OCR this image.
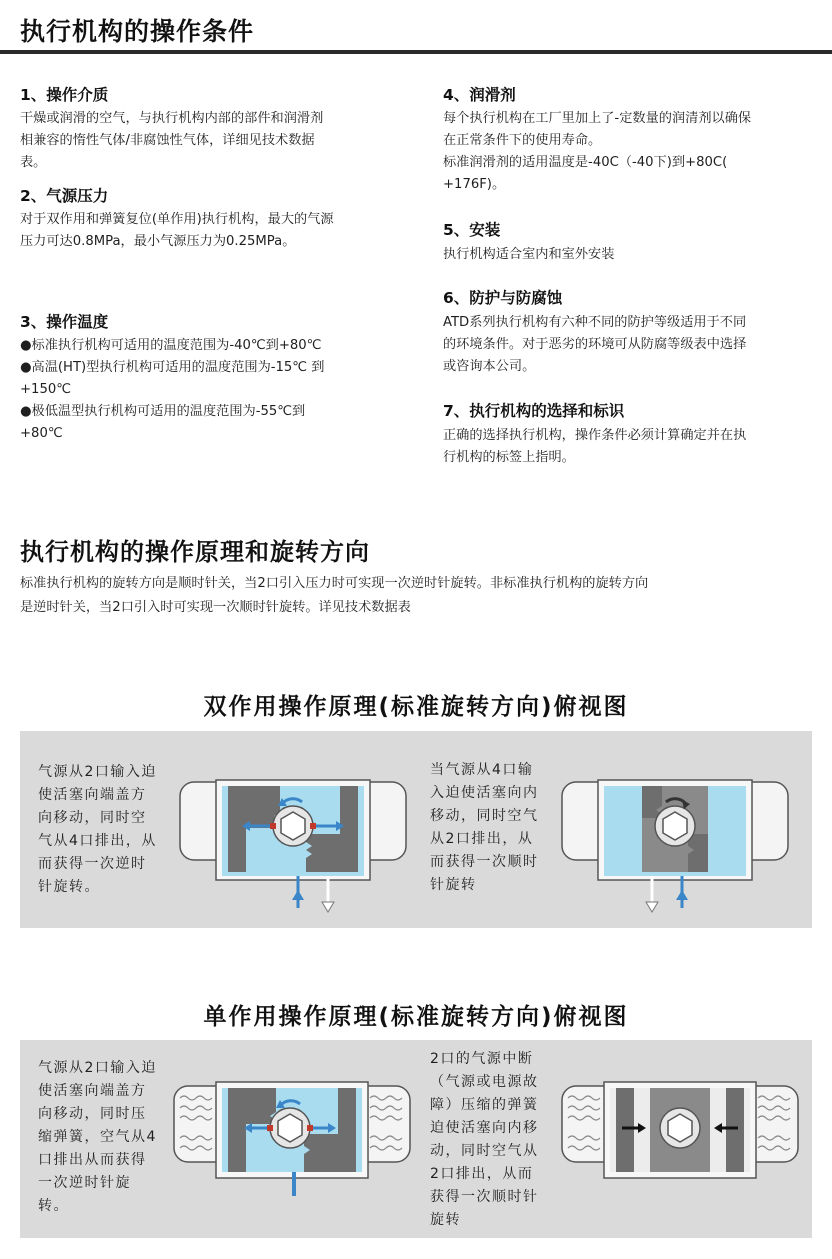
执行机构的操作条件
1、操作介质

干燥或润滑的空气，与执行机构内部的部件和润滑剂

相兼容的惰性气体/非腐蚀性气体，详细见技术数据

表。

2、气源压力

对于双作用和弹簧复位(单作用)执行机构，最大的气源

压力可达0.8MPa，最小气源压力为0.25MPa。

3、操作温度

●标准执行机构可适用的温度范围为-40℃到+80℃

●高温(HT)型执行机构可适用的温度范围为-15℃ 到

+150℃

●极低温型执行机构可适用的温度范围为-55℃到

+80℃

4、润滑剂

每个执行机构在工厂里加上了-定数量的润清剂以确保

在正常条件下的使用寿命。

标准润滑剂的适用温度是-40C（-40下)到+80C(

+176F)。

5、安装

执行机构适合室内和室外安装

6、防护与防腐蚀

ATD系列执行机构有六种不同的防护等级适用于不同

的环境条件。对于恶劣的环境可从防腐等级表中选择

或咨询本公司。

7、执行机构的选择和标识

正确的选择执行机构，操作条件必须计算确定并在执

行机构的标签上指明。

执行机构的操作原理和旋转方向

标准执行机构的旋转方向是顺时针关，当2口引入压力时可实现一次逆时针旋转。非标准执行机构的旋转方向

是逆时针关，当2口引入时可实现一次顺时针旋转。详见技术数据表

双作用操作原理(标准旋转方向)俯视图

气源从2口输入迫

使活塞向端盖方

向移动，同时空

气从4口排出，从

而获得一次逆时

针旋转。

当气源从4口输

入迫使活塞向内

移动，同时空气

从2口排出，从

而获得一次顺时

针旋转

单作用操作原理(标准旋转方向)俯视图

气源从2口输入迫

使活塞向端盖方

向移动，同时压

缩弹簧，空气从4

口排出从而获得

一次逆时针旋

转。

2口的气源中断

（气源或电源故

障）压缩的弹簧

迫使活塞向内移

动，同时空气从

2口排出，从而

获得一次顺时针

旋转
